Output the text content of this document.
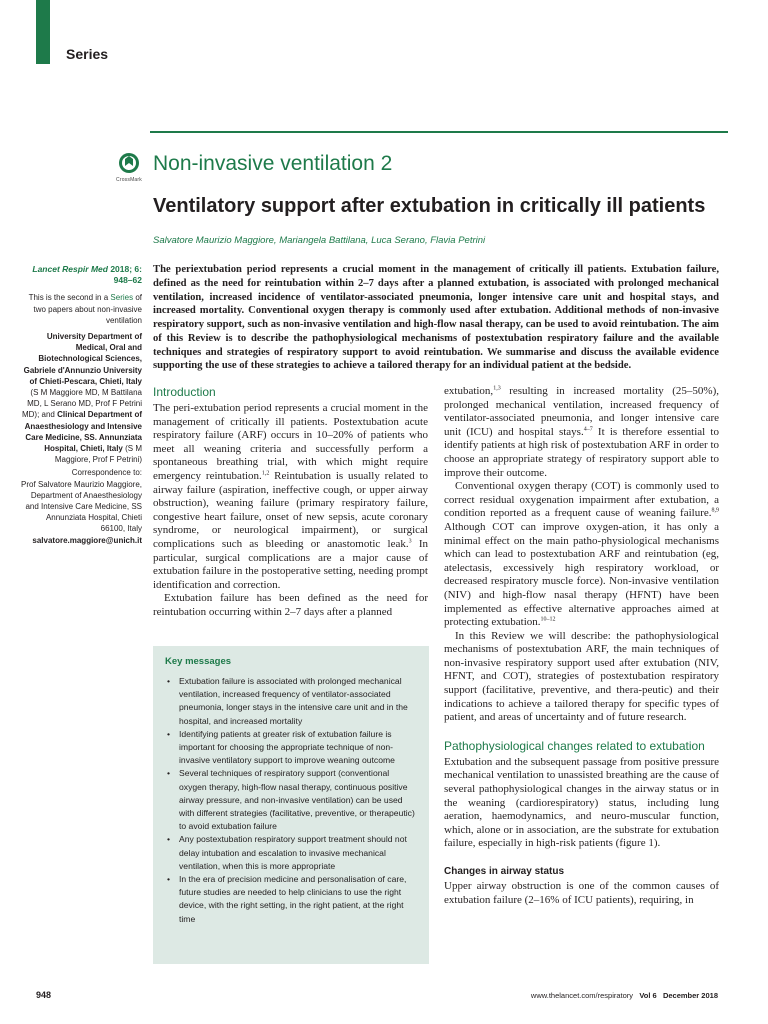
Series
CrossMark
Non-invasive ventilation 2
Ventilatory support after extubation in critically ill patients
Salvatore Maurizio Maggiore, Mariangela Battilana, Luca Serano, Flavia Petrini

Lancet Respir Med 2018; 6: 948–62

This is the second in a Series of two papers about non-invasive ventilation

University Department of Medical, Oral and Biotechnological Sciences, Gabriele d'Annunzio University of Chieti-Pescara, Chieti, Italy (S M Maggiore MD, M Battilana MD, L Serano MD, Prof F Petrini MD); and Clinical Department of Anaesthesiology and Intensive Care Medicine, SS. Annunziata Hospital, Chieti, Italy (S M Maggiore, Prof F Petrini)

Correspondence to:

Prof Salvatore Maurizio Maggiore, Department of Anaesthesiology and Intensive Care Medicine, SS Annunziata Hospital, Chieti 66100, Italy

salvatore.maggiore@unich.it

The periextubation period represents a crucial moment in the management of critically ill patients. Extubation failure, defined as the need for reintubation within 2–7 days after a planned extubation, is associated with prolonged mechanical ventilation, increased incidence of ventilator-associated pneumonia, longer intensive care unit and hospital stays, and increased mortality. Conventional oxygen therapy is commonly used after extubation. Additional methods of non-invasive respiratory support, such as non-invasive ventilation and high-flow nasal therapy, can be used to avoid reintubation. The aim of this Review is to describe the pathophysiological mechanisms of postextubation respiratory failure and the available techniques and strategies of respiratory support to avoid reintubation. We summarise and discuss the available evidence supporting the use of these strategies to achieve a tailored therapy for an individual patient at the bedside.
Introduction

The peri-extubation period represents a crucial moment in the management of critically ill patients. Postextubation acute respiratory failure (ARF) occurs in 10–20% of patients who meet all weaning criteria and successfully perform a spontaneous breathing trial, with which might require emergency reintubation.$^{1,2}$ Reintubation is usually related to airway failure (aspiration, ineffective cough, or upper airway obstruction), weaning failure (primary respiratory failure, congestive heart failure, onset of new sepsis, acute coronary syndrome, or neurological impairment), or surgical complications such as bleeding or anastomotic leak.$^3$ In particular, surgical complications are a major cause of extubation failure in the postoperative setting, needing prompt identification and correction.

Extubation failure has been defined as the need for reintubation occurring within 2–7 days after a planned

Key messages
• Extubation failure is associated with prolonged mechanical ventilation, increased frequency of ventilator-associated pneumonia, longer stays in the intensive care unit and in the hospital, and increased mortality
• Identifying patients at greater risk of extubation failure is important for choosing the appropriate technique of non-invasive ventilatory support to improve weaning outcome
• Several techniques of respiratory support (conventional oxygen therapy, high-flow nasal therapy, continuous positive airway pressure, and non-invasive ventilation) can be used with different strategies (facilitative, preventive, or therapeutic) to avoid extubation failure
• Any postextubation respiratory support treatment should not delay intubation and escalation to invasive mechanical ventilation, when this is more appropriate
• In the era of precision medicine and personalisation of care, future studies are needed to help clinicians to use the right device, with the right setting, in the right patient, at the right time

extubation,$^{1,3}$ resulting in increased mortality (25–50%), prolonged mechanical ventilation, increased frequency of ventilator-associated pneumonia, and longer intensive care unit (ICU) and hospital stays.$^{4-7}$ It is therefore essential to identify patients at high risk of postextubation ARF in order to choose an appropriate strategy of respiratory support able to improve their outcome.

Conventional oxygen therapy (COT) is commonly used to correct residual oxygenation impairment after extubation, a condition reported as a frequent cause of weaning failure.$^{8,9}$ Although COT can improve oxygen-ation, it has only a minimal effect on the main patho-physiological mechanisms which can lead to postextubation ARF and reintubation (eg, atelectasis, excessively high respiratory workload, or decreased respiratory muscle force). Non-invasive ventilation (NIV) and high-flow nasal therapy (HFNT) have been implemented as effective alternative approaches aimed at protecting extubation.$^{10-12}$

In this Review we will describe: the pathophysiological mechanisms of postextubation ARF, the main techniques of non-invasive respiratory support used after extubation (NIV, HFNT, and COT), strategies of postextubation respiratory support (facilitative, preventive, and thera-peutic) and their indications to achieve a tailored therapy for specific types of patient, and areas of uncertainty and of future research.

Pathophysiological changes related to extubation

Extubation and the subsequent passage from positive pressure mechanical ventilation to unassisted breathing are the cause of several pathophysiological changes in the airway status or in the weaning (cardiorespiratory) status, including lung aeration, haemodynamics, and neuro-muscular function, which, alone or in association, are the substrate for extubation failure, especially in high-risk patients (figure 1).

Changes in airway status

Upper airway obstruction is one of the common causes of extubation failure (2–16% of ICU patients), requiring, in

948	www.thelancet.com/respiratory Vol 6 December 2018
